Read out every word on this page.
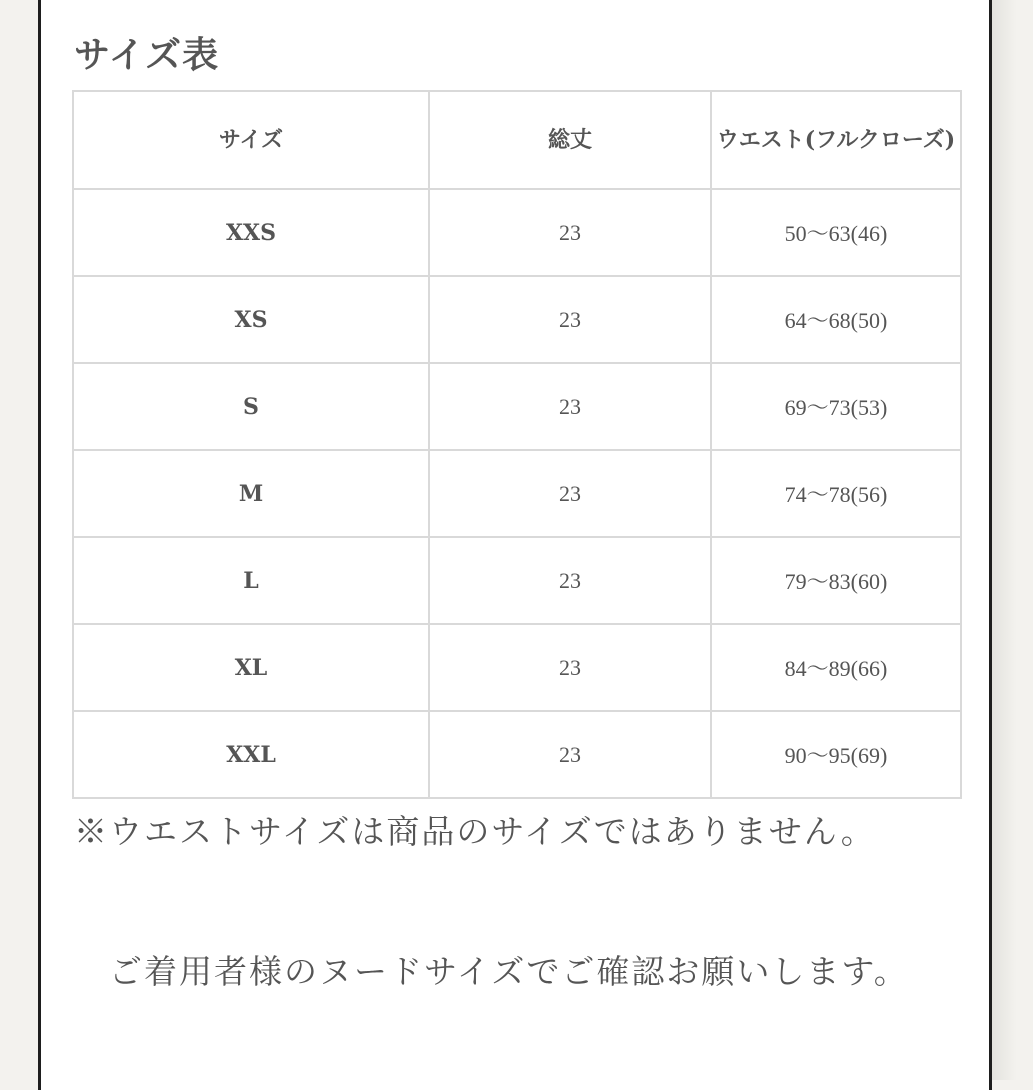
サイズ表
サイズ	総丈	ウエスト(フルクローズ)
XXS	23	50〜63(46)
XS	23	64〜68(50)
S	23	69〜73(53)
M	23	74〜78(56)
L	23	79〜83(60)
XL	23	84〜89(66)
XXL	23	90〜95(69)
※ウエストサイズは商品のサイズではありません。
　ご着用者様のヌードサイズでご確認お願いします。
